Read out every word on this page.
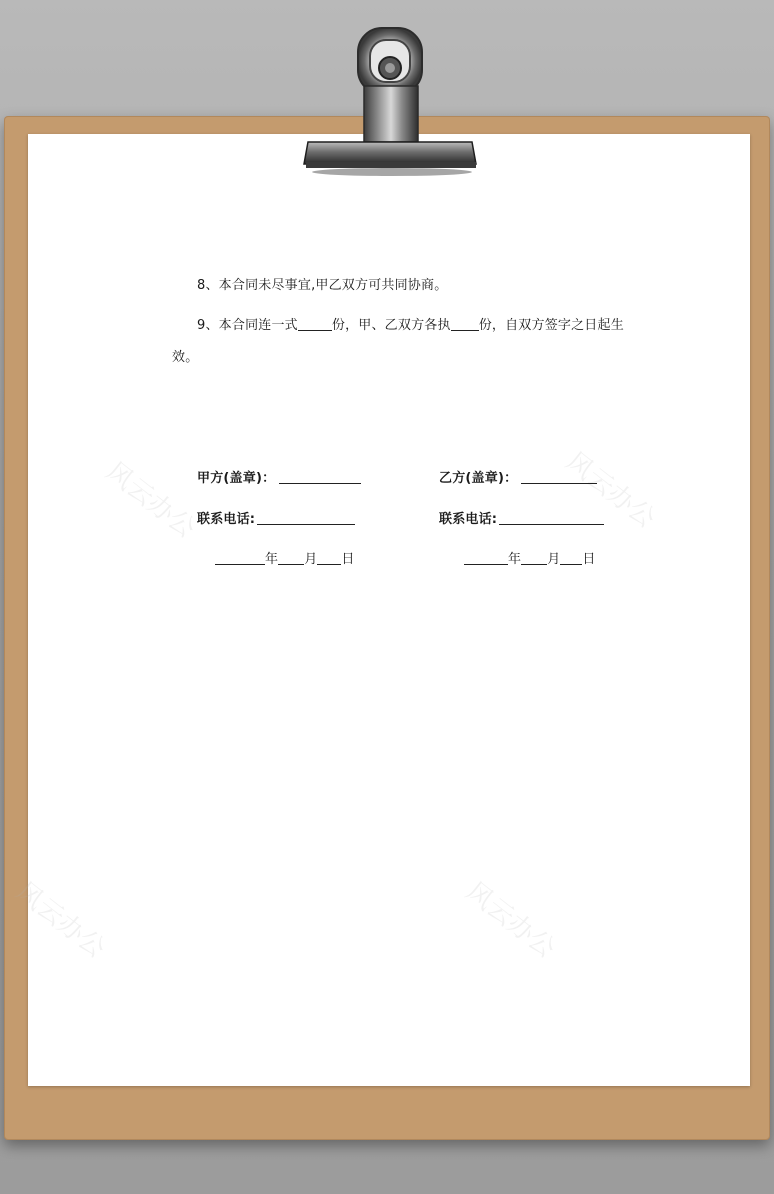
8、本合同未尽事宜,甲乙双方可共同协商。
9、本合同连一式	份，甲、乙双方各执 份，自双方签字之日起生
效。
甲方(盖章)：	乙方(盖章)：
联系电话:	联系电话:
年 月 日	年 月 日
